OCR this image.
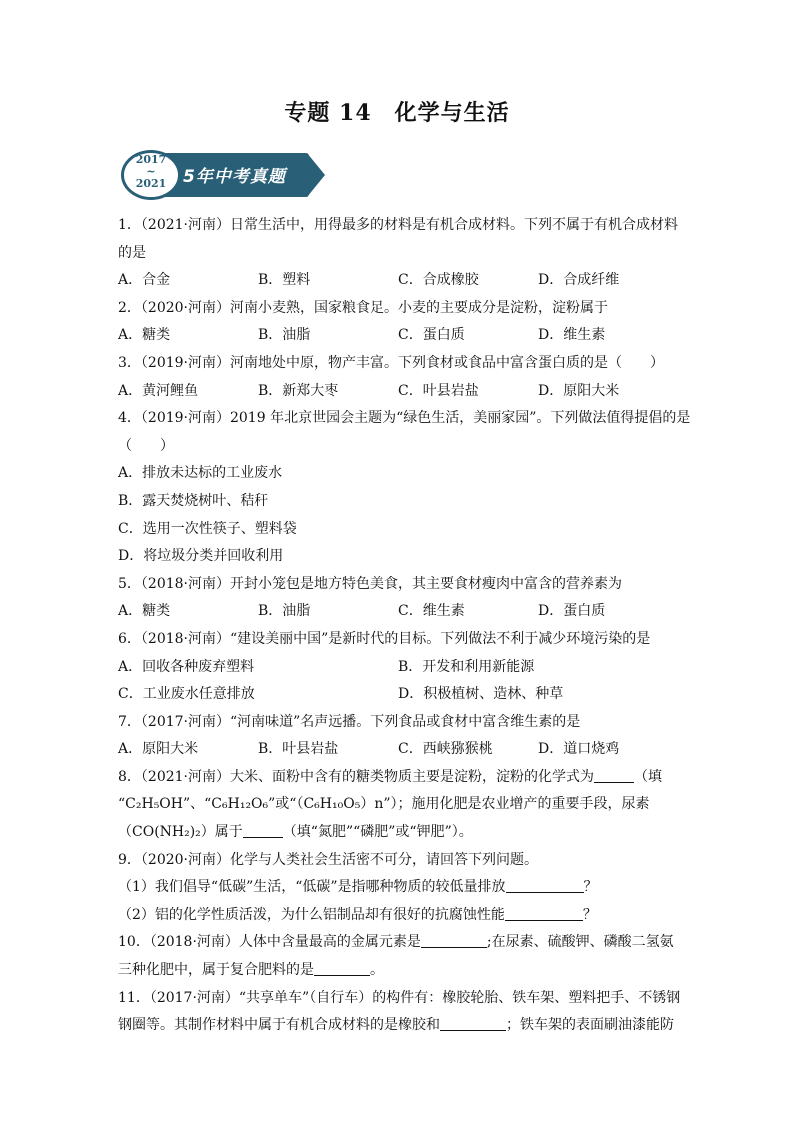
专题 14　化学与生活
5年中考真题
2017
~
2021
1．（2021·河南）日常生活中，用得最多的材料是有机合成材料。下列不属于有机合成材料
的是
A．合金	B．塑料	C．合成橡胶	D．合成纤维
2．（2020·河南）河南小麦熟，国家粮食足。小麦的主要成分是淀粉，淀粉属于
A．糖类	B．油脂	C．蛋白质	D．维生素
3．（2019·河南）河南地处中原，物产丰富。下列食材或食品中富含蛋白质的是（　　）
A．黄河鲤鱼	B．新郑大枣	C．叶县岩盐	D．原阳大米
4．（2019·河南）2019 年北京世园会主题为“绿色生活，美丽家园”。下列做法值得提倡的是
（　　）
A．排放未达标的工业废水
B．露天焚烧树叶、秸秆
C．选用一次性筷子、塑料袋
D．将垃圾分类并回收利用
5．（2018·河南）开封小笼包是地方特色美食，其主要食材瘦肉中富含的营养素为
A．糖类	B．油脂	C．维生素	D．蛋白质
6．（2018·河南）“建设美丽中国”是新时代的目标。下列做法不利于减少环境污染的是
A．回收各种废弃塑料	B．开发和利用新能源
C．工业废水任意排放	D．积极植树、造林、种草
7．（2017·河南）“河南味道”名声远播。下列食品或食材中富含维生素的是
A．原阳大米	B．叶县岩盐	C．西峡猕猴桃	D．道口烧鸡
8．（2021·河南）大米、面粉中含有的糖类物质主要是淀粉，淀粉的化学式为	（填
“C₂H₅OH”、“C₆H₁₂O₆”或“（C₆H₁₀O₅）n”）；施用化肥是农业增产的重要手段，尿素
（CO(NH₂)₂）属于	（填“氮肥”“磷肥”或“钾肥”）。
9．（2020·河南）化学与人类社会生活密不可分，请回答下列问题。
（1）我们倡导“低碳”生活，“低碳”是指哪种物质的较低量排放	？
（2）铝的化学性质活泼，为什么铝制品却有很好的抗腐蚀性能	？
10．（2018·河南）人体中含量最高的金属元素是	;在尿素、硫酸钾、磷酸二氢氨
三种化肥中，属于复合肥料的是	。
11．（2017·河南）“共享单车”（自行车）的构件有：橡胶轮胎、铁车架、塑料把手、不锈钢
钢圈等。其制作材料中属于有机合成材料的是橡胶和	；铁车架的表面刷油漆能防
